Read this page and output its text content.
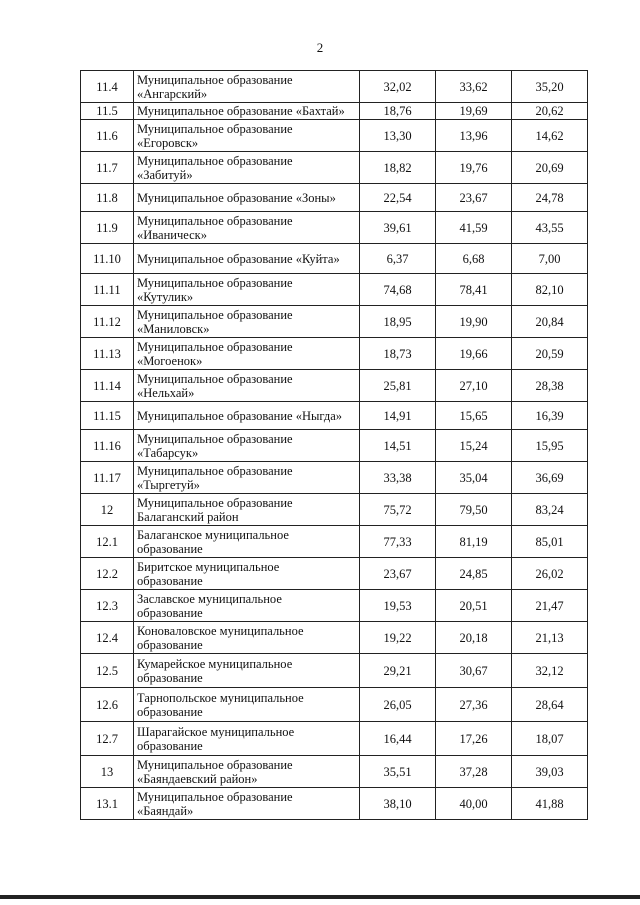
2
11.4	Муниципальное образование
«Ангарский»	32,02	33,62	35,20
11.5	Муниципальное образование «Бахтай»	18,76	19,69	20,62
11.6	Муниципальное образование
«Егоровск»	13,30	13,96	14,62
11.7	Муниципальное образование
«Забитуй»	18,82	19,76	20,69
11.8	Муниципальное образование «Зоны»	22,54	23,67	24,78
11.9	Муниципальное образование
«Иваническ»	39,61	41,59	43,55
11.10	Муниципальное образование «Куйта»	6,37	6,68	7,00
11.11	Муниципальное образование
«Кутулик»	74,68	78,41	82,10
11.12	Муниципальное образование
«Маниловск»	18,95	19,90	20,84
11.13	Муниципальное образование
«Могоенок»	18,73	19,66	20,59
11.14	Муниципальное образование
«Нельхай»	25,81	27,10	28,38
11.15	Муниципальное образование «Ныгда»	14,91	15,65	16,39
11.16	Муниципальное образование
«Табарсук»	14,51	15,24	15,95
11.17	Муниципальное образование
«Тыргетуй»	33,38	35,04	36,69
12	Муниципальное образование
Балаганский район	75,72	79,50	83,24
12.1	Балаганское муниципальное
образование	77,33	81,19	85,01
12.2	Биритское муниципальное
образование	23,67	24,85	26,02
12.3	Заславское муниципальное
образование	19,53	20,51	21,47
12.4	Коноваловское муниципальное
образование	19,22	20,18	21,13
12.5	Кумарейское муниципальное
образование	29,21	30,67	32,12
12.6	Тарнопольское муниципальное
образование	26,05	27,36	28,64
12.7	Шарагайское муниципальное
образование	16,44	17,26	18,07
13	Муниципальное образование
«Баяндаевский район»	35,51	37,28	39,03
13.1	Муниципальное образование
«Баяндай»	38,10	40,00	41,88
